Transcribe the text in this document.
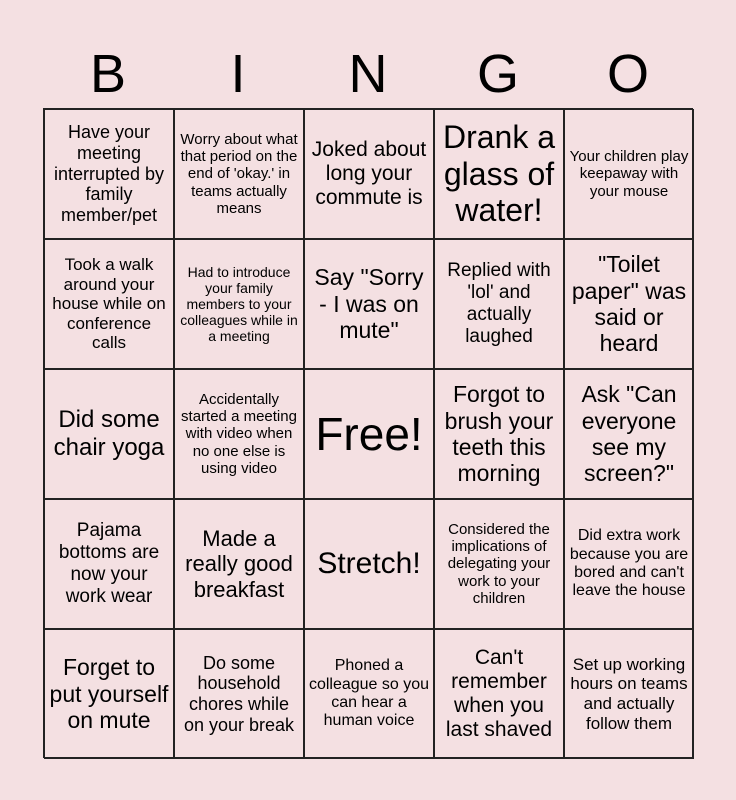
B	I	N	G	O
Have your meeting interrupted by family member/pet
Worry about what that period on the end of 'okay.' in teams actually means
Joked about long your commute is
Drank a glass of water!
Your children play keepaway with your mouse
Took a walk around your house while on conference calls
Had to introduce your family members to your colleagues while in a meeting
Say "Sorry - I was on mute"
Replied with 'lol' and actually laughed
"Toilet paper" was said or heard
Did some chair yoga
Accidentally started a meeting with video when no one else is using video
Free!
Forgot to brush your teeth this morning
Ask "Can everyone see my screen?"
Pajama bottoms are now your work wear
Made a really good breakfast
Stretch!
Considered the implications of delegating your work to your children
Did extra work because you are bored and can't leave the house
Forget to put yourself on mute
Do some household chores while on your break
Phoned a colleague so you can hear a human voice
Can't remember when you last shaved
Set up working hours on teams and actually follow them
